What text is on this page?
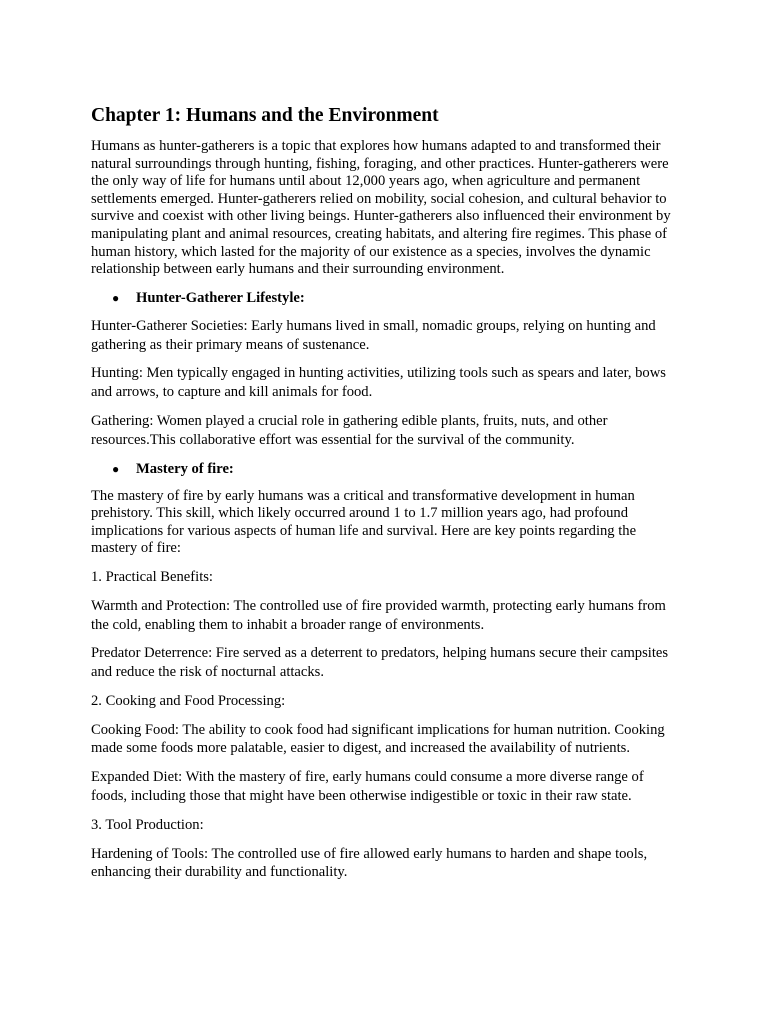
Chapter 1: Humans and the Environment

Humans as hunter-gatherers is a topic that explores how humans adapted to and transformed their natural surroundings through hunting, fishing, foraging, and other practices. Hunter-gatherers were the only way of life for humans until about 12,000 years ago, when agriculture and permanent settlements emerged. Hunter-gatherers relied on mobility, social cohesion, and cultural behavior to survive and coexist with other living beings. Hunter-gatherers also influenced their environment by manipulating plant and animal resources, creating habitats, and altering fire regimes. This phase of human history, which lasted for the majority of our existence as a species, involves the dynamic relationship between early humans and their surrounding environment.

● Hunter-Gatherer Lifestyle:

Hunter-Gatherer Societies: Early humans lived in small, nomadic groups, relying on hunting and gathering as their primary means of sustenance.

Hunting: Men typically engaged in hunting activities, utilizing tools such as spears and later, bows and arrows, to capture and kill animals for food.

Gathering: Women played a crucial role in gathering edible plants, fruits, nuts, and other resources.This collaborative effort was essential for the survival of the community.

● Mastery of fire:

The mastery of fire by early humans was a critical and transformative development in human prehistory. This skill, which likely occurred around 1 to 1.7 million years ago, had profound implications for various aspects of human life and survival. Here are key points regarding the mastery of fire:

1. Practical Benefits:

Warmth and Protection: The controlled use of fire provided warmth, protecting early humans from the cold, enabling them to inhabit a broader range of environments.

Predator Deterrence: Fire served as a deterrent to predators, helping humans secure their campsites and reduce the risk of nocturnal attacks.

2. Cooking and Food Processing:

Cooking Food: The ability to cook food had significant implications for human nutrition. Cooking made some foods more palatable, easier to digest, and increased the availability of nutrients.

Expanded Diet: With the mastery of fire, early humans could consume a more diverse range of foods, including those that might have been otherwise indigestible or toxic in their raw state.

3. Tool Production:

Hardening of Tools: The controlled use of fire allowed early humans to harden and shape tools, enhancing their durability and functionality.
